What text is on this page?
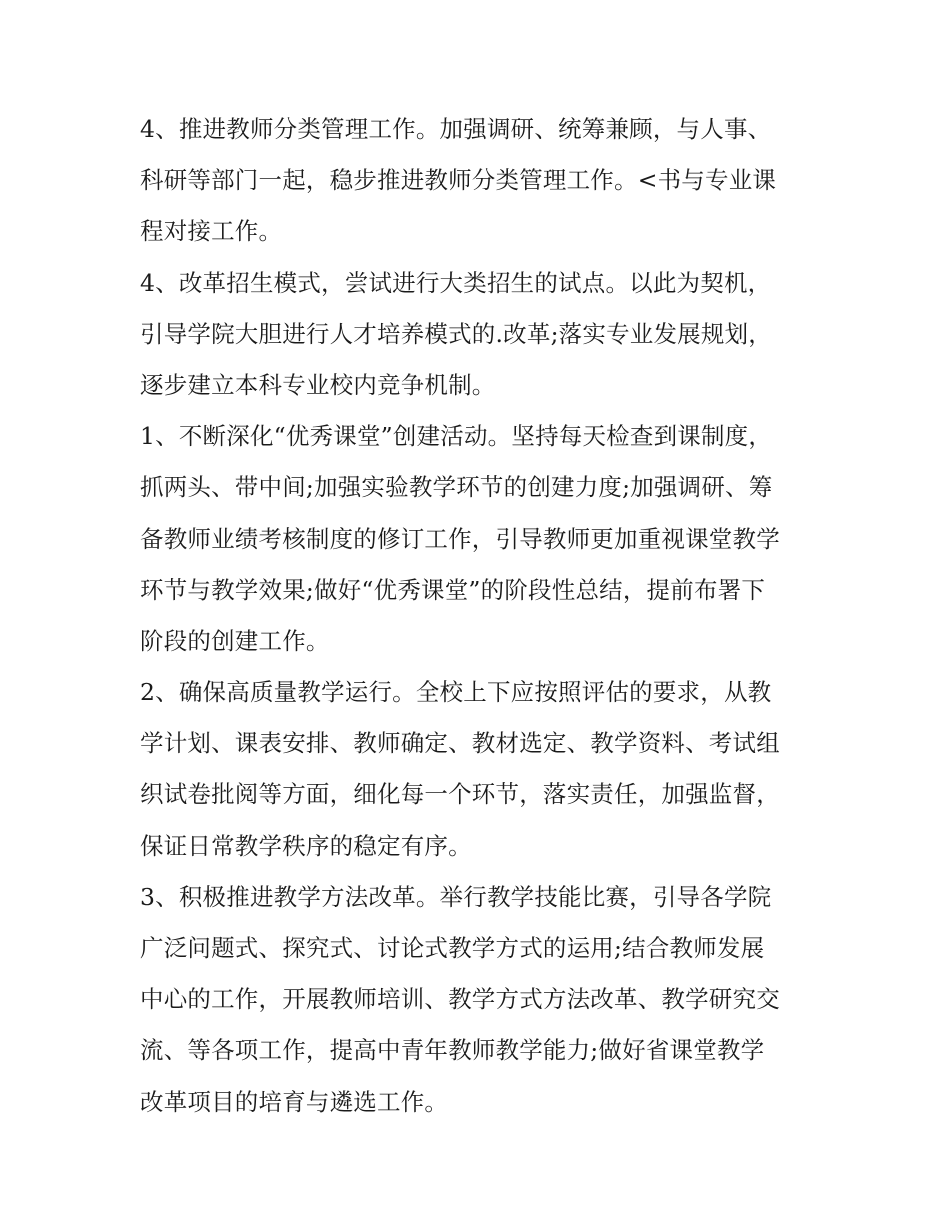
4、推进教师分类管理工作。加强调研、统筹兼顾，与人事、
科研等部门一起，稳步推进教师分类管理工作。<书与专业课
程对接工作。
4、改革招生模式，尝试进行大类招生的试点。以此为契机，
引导学院大胆进行人才培养模式的.改革;落实专业发展规划，
逐步建立本科专业校内竞争机制。
1、不断深化“优秀课堂”创建活动。坚持每天检查到课制度，
抓两头、带中间;加强实验教学环节的创建力度;加强调研、筹
备教师业绩考核制度的修订工作，引导教师更加重视课堂教学
环节与教学效果;做好“优秀课堂”的阶段性总结，提前布署下
阶段的创建工作。
2、确保高质量教学运行。全校上下应按照评估的要求，从教
学计划、课表安排、教师确定、教材选定、教学资料、考试组
织试卷批阅等方面，细化每一个环节，落实责任，加强监督，
保证日常教学秩序的稳定有序。
3、积极推进教学方法改革。举行教学技能比赛，引导各学院
广泛问题式、探究式、讨论式教学方式的运用;结合教师发展
中心的工作，开展教师培训、教学方式方法改革、教学研究交
流、等各项工作，提高中青年教师教学能力;做好省课堂教学
改革项目的培育与遴选工作。
